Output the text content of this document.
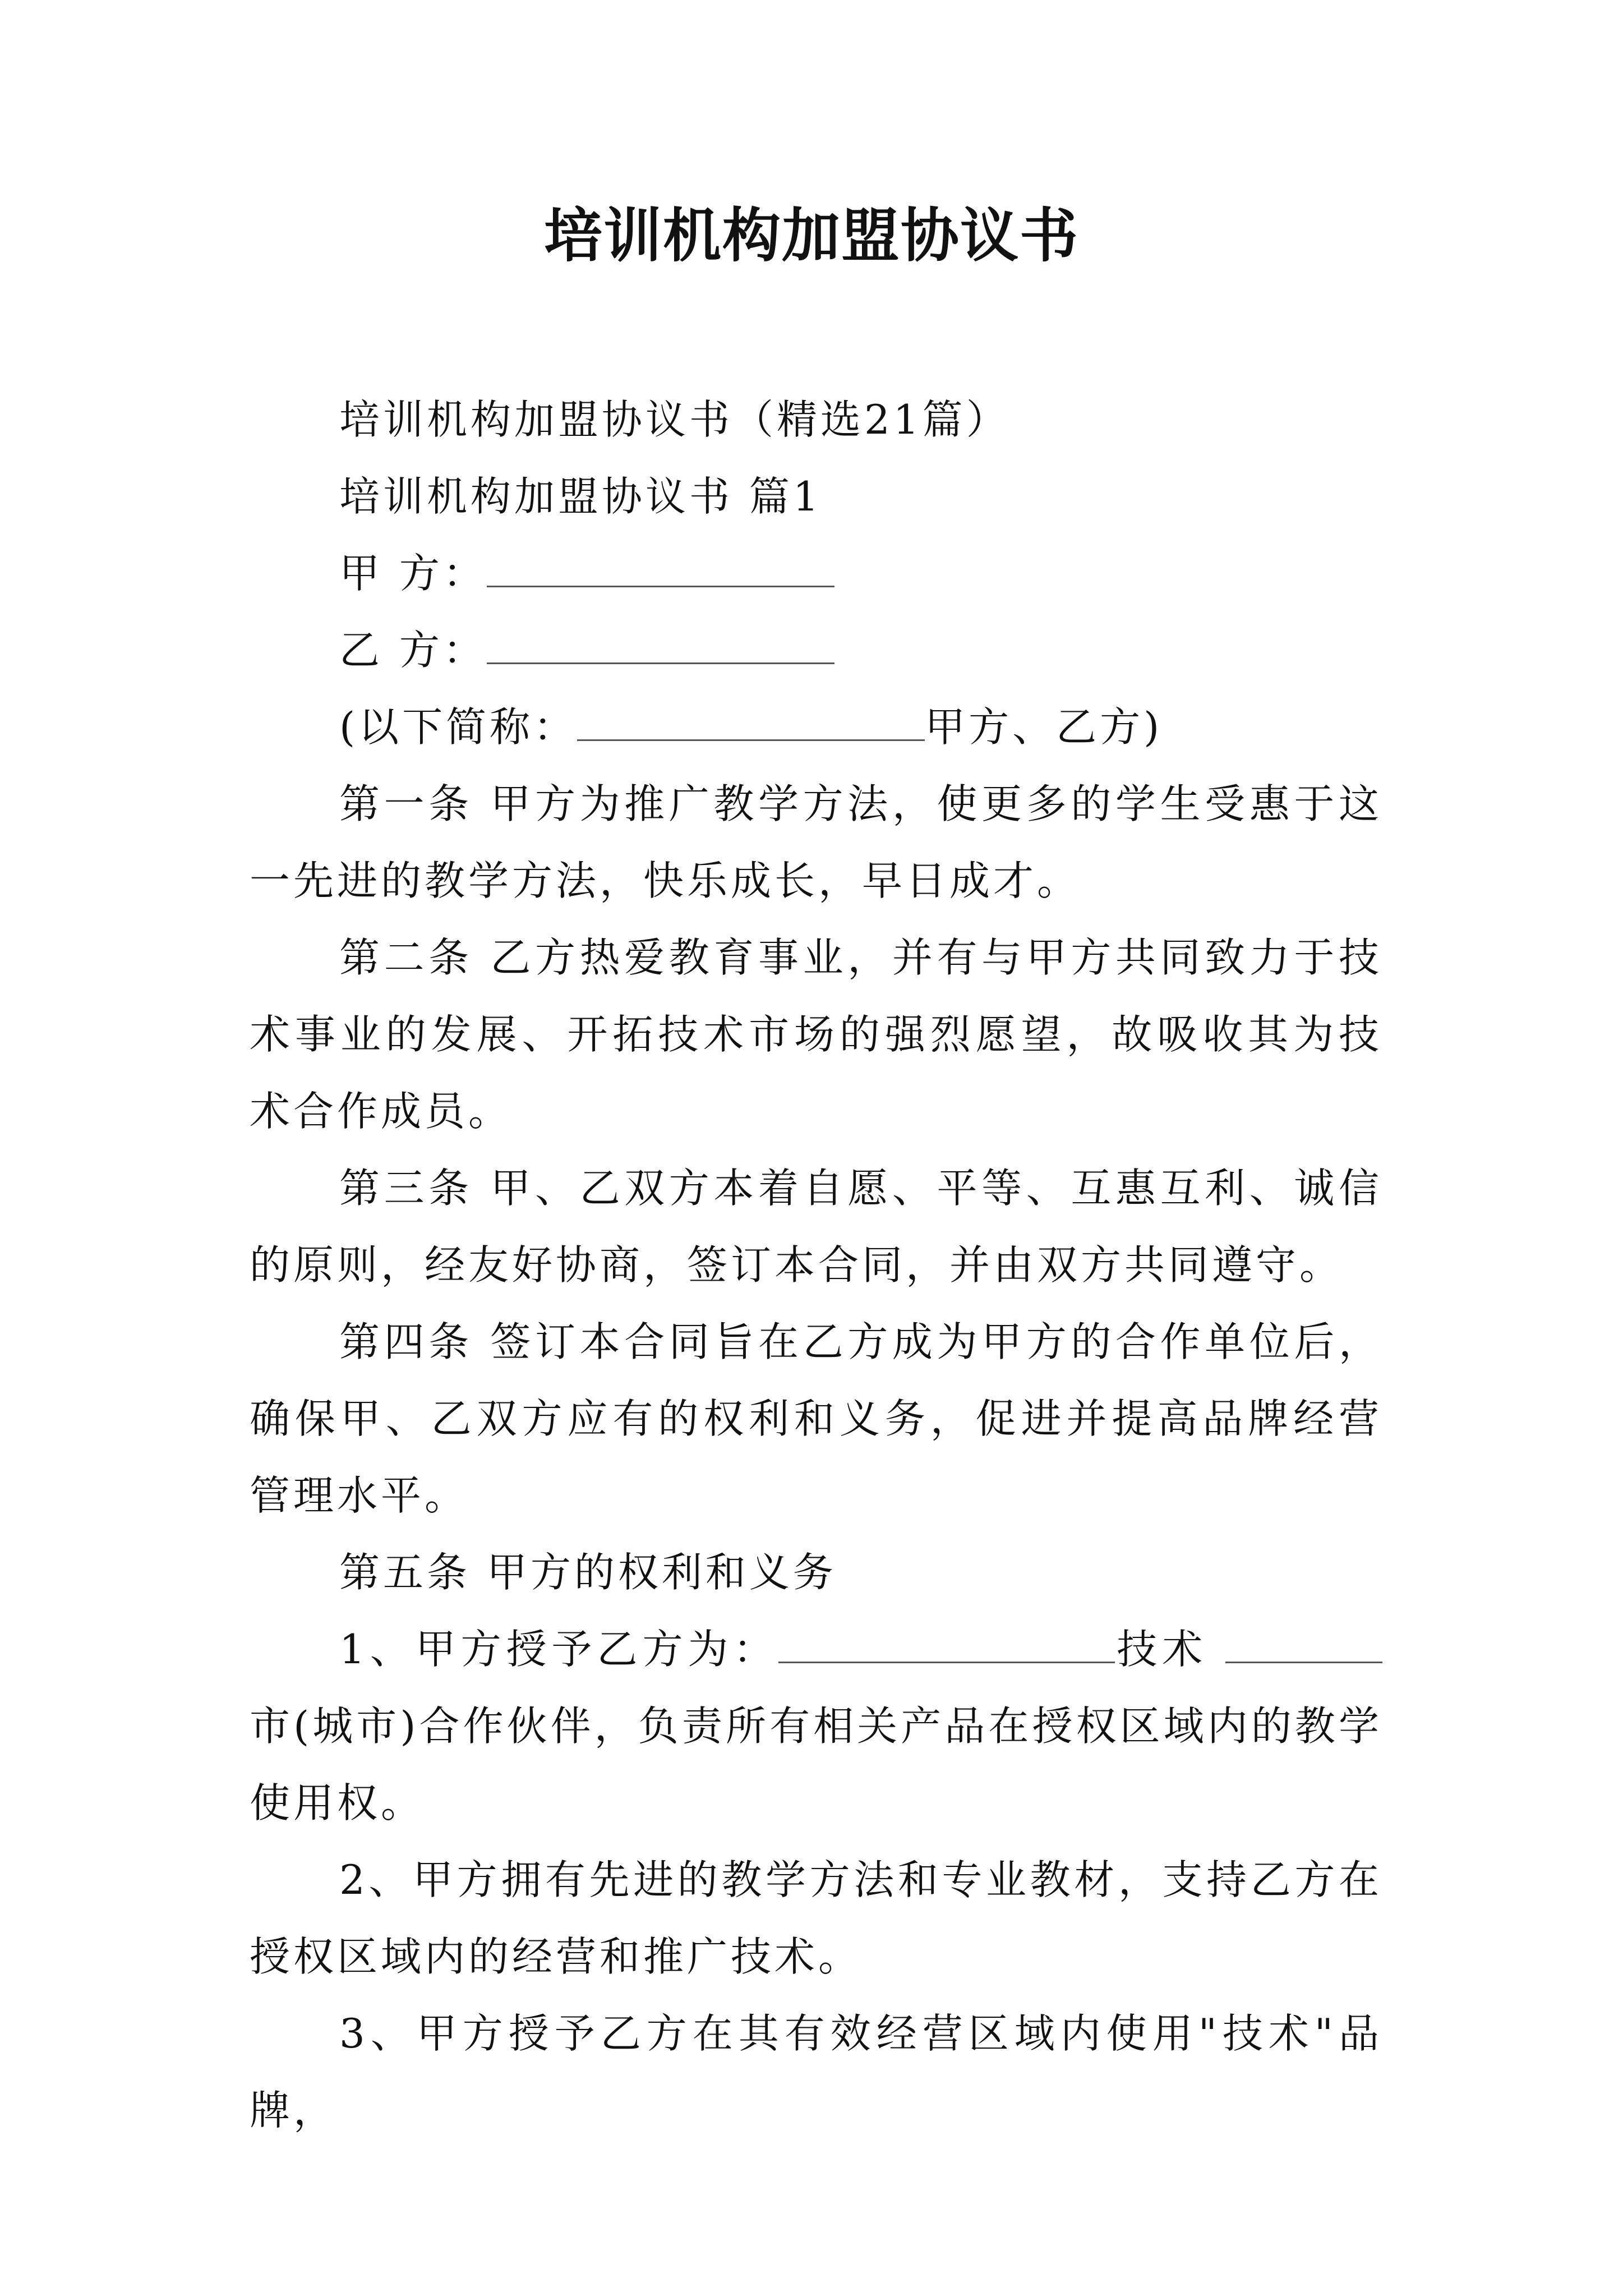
培训机构加盟协议书

培训机构加盟协议书（精选21篇）

培训机构加盟协议书 篇1

甲 方：

乙 方：

(以下简称：	甲方、乙方)

第一条 甲方为推广教学方法，使更多的学生受惠于这一先进的教学方法，快乐成长，早日成才。

第二条 乙方热爱教育事业，并有与甲方共同致力于技术事业的发展、开拓技术市场的强烈愿望，故吸收其为技术合作成员。

第三条 甲、乙双方本着自愿、平等、互惠互利、诚信的原则，经友好协商，签订本合同，并由双方共同遵守。

第四条 签订本合同旨在乙方成为甲方的合作单位后，确保甲、乙双方应有的权利和义务，促进并提高品牌经营管理水平。

第五条 甲方的权利和义务

1、甲方授予乙方为：	技术 市(城市)合作伙伴，负责所有相关产品在授权区域内的教学使用权。

2、甲方拥有先进的教学方法和专业教材，支持乙方在授权区域内的经营和推广技术。

3、甲方授予乙方在其有效经营区域内使用"技术"品牌，
